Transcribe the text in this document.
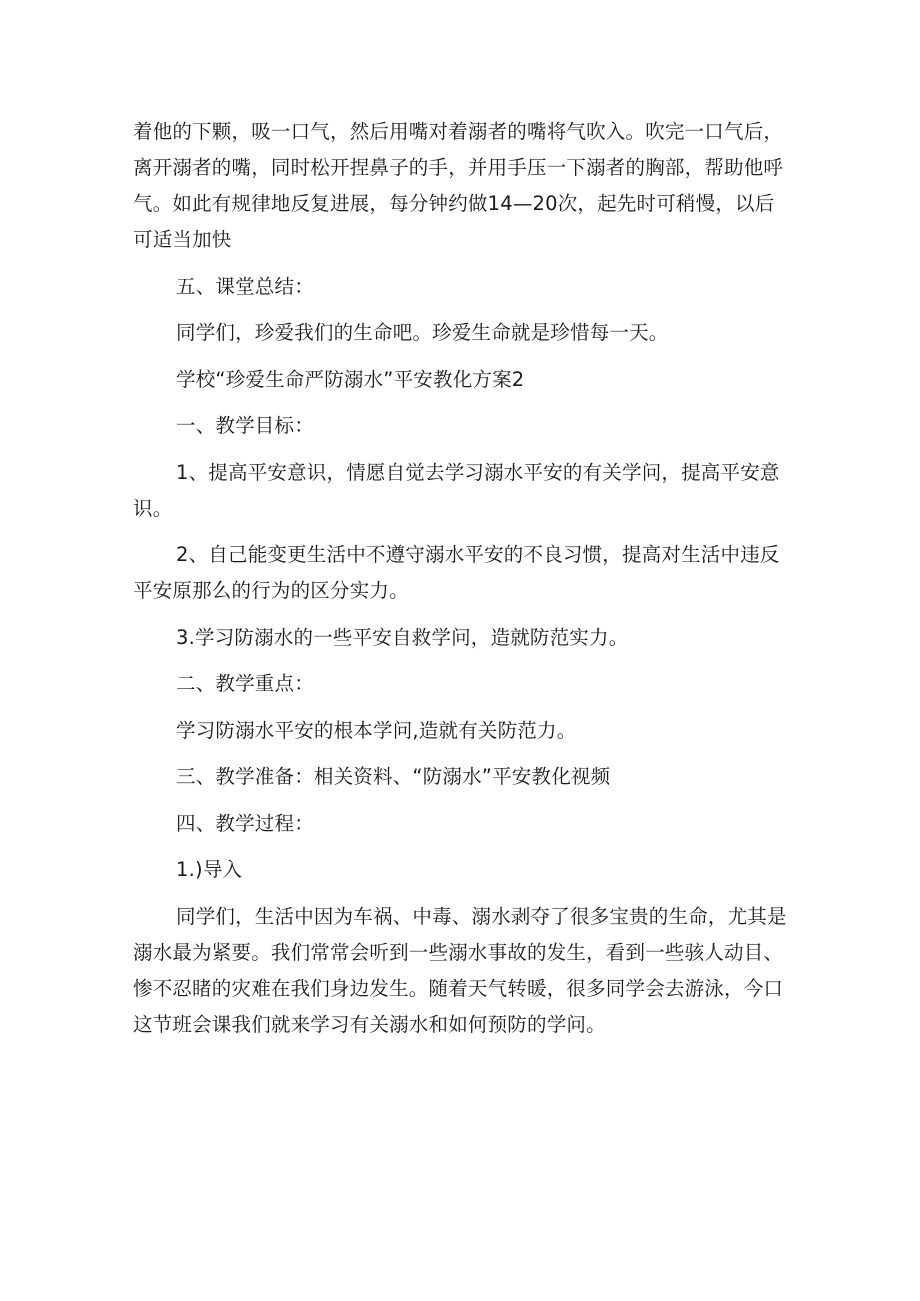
着他的下颗，吸一口气，然后用嘴对着溺者的嘴将气吹入。吹完一口气后，
离开溺者的嘴，同时松开捏鼻子的手，并用手压一下溺者的胸部，帮助他呼
气。如此有规律地反复进展，每分钟约做14—20次，起先时可稍慢，以后
可适当加快
五、课堂总结：
同学们，珍爱我们的生命吧。珍爱生命就是珍惜每一天。
学校“珍爱生命严防溺水”平安教化方案2
一、教学目标：
1、提高平安意识，情愿自觉去学习溺水平安的有关学问，提高平安意
识。
2、自己能变更生活中不遵守溺水平安的不良习惯，提高对生活中违反
平安原那么的行为的区分实力。
3.学习防溺水的一些平安自救学问，造就防范实力。
二、教学重点：
学习防溺水平安的根本学问,造就有关防范力。
三、教学准备：相关资料、“防溺水”平安教化视频
四、教学过程：
1.)导入
同学们，生活中因为车祸、中毒、溺水剥夺了很多宝贵的生命，尤其是
溺水最为紧要。我们常常会听到一些溺水事故的发生，看到一些骇人动目、
惨不忍睹的灾难在我们身边发生。随着天气转暖，很多同学会去游泳，今口
这节班会课我们就来学习有关溺水和如何预防的学问。
